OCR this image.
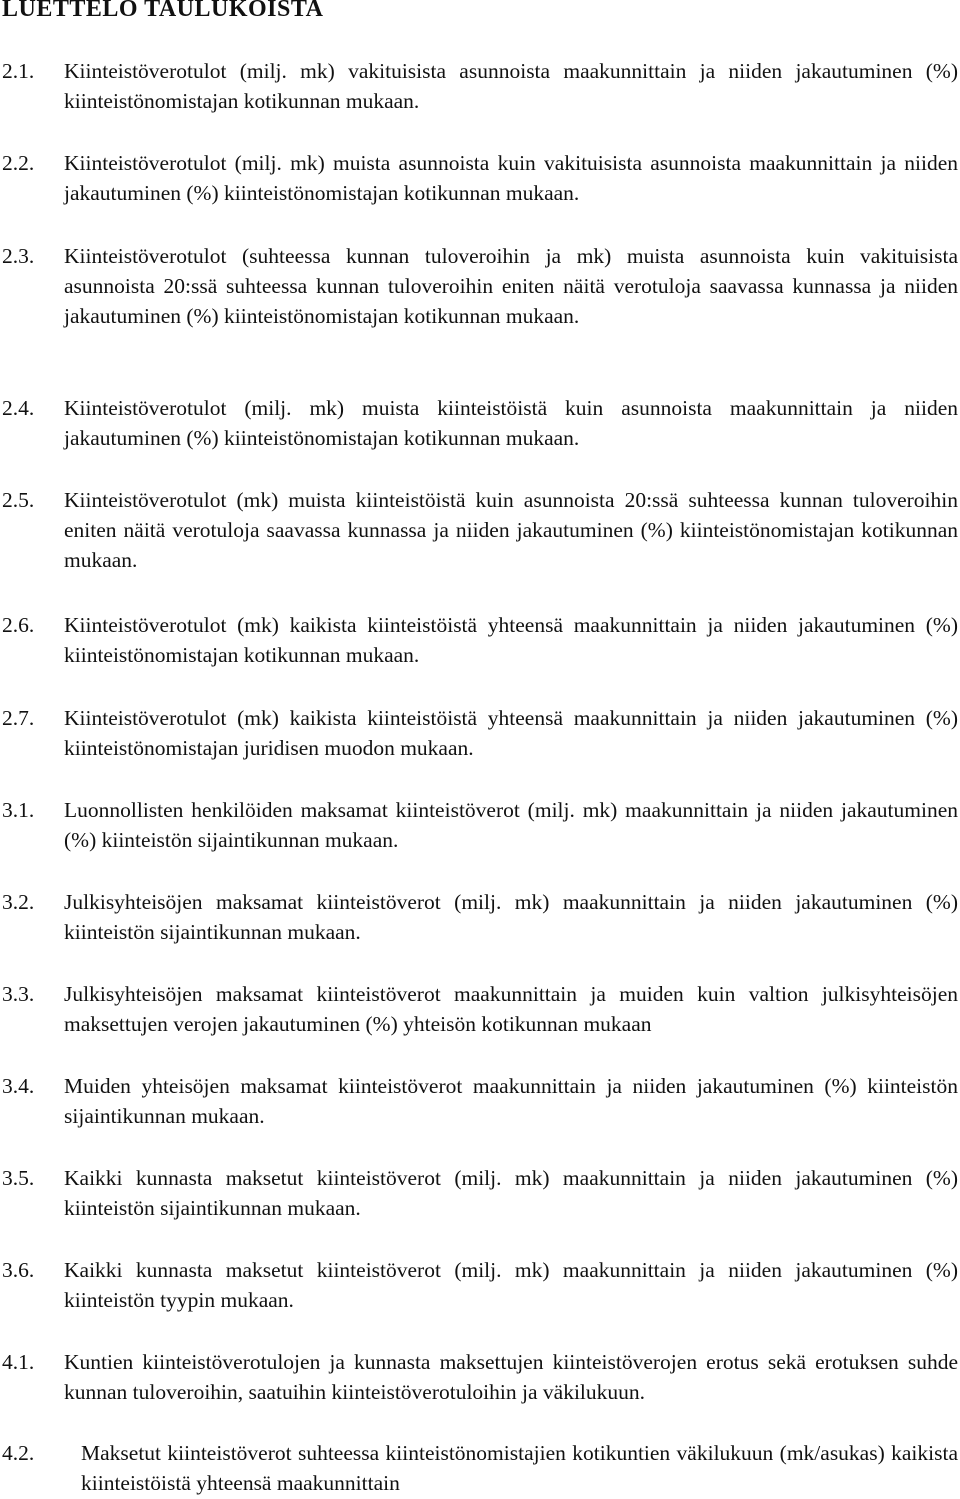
LUETTELO TAULUKOISTA
2.1. Kiinteistöverotulot (milj. mk) vakituisista asunnoista maakunnittain ja niiden jakautuminen (%) kiinteistönomistajan kotikunnan mukaan.
2.2. Kiinteistöverotulot (milj. mk) muista asunnoista kuin vakituisista asunnoista maakunnittain ja niiden jakautuminen (%) kiinteistönomistajan kotikunnan mukaan.
2.3. Kiinteistöverotulot (suhteessa kunnan tuloveroihin ja mk) muista asunnoista kuin vakituisista asunnoista 20:ssä suhteessa kunnan tuloveroihin eniten näitä verotuloja saavassa kunnassa ja niiden jakautuminen (%) kiinteistönomistajan kotikunnan mukaan.
2.4. Kiinteistöverotulot (milj. mk) muista kiinteistöistä kuin asunnoista maakunnittain ja niiden jakautuminen (%) kiinteistönomistajan kotikunnan mukaan.
2.5. Kiinteistöverotulot (mk) muista kiinteistöistä kuin asunnoista 20:ssä suhteessa kunnan tuloveroihin eniten näitä verotuloja saavassa kunnassa ja niiden jakautuminen (%) kiinteistönomistajan kotikunnan mukaan.
2.6. Kiinteistöverotulot (mk) kaikista kiinteistöistä yhteensä maakunnittain ja niiden jakautuminen (%) kiinteistönomistajan kotikunnan mukaan.
2.7. Kiinteistöverotulot (mk) kaikista kiinteistöistä yhteensä maakunnittain ja niiden jakautuminen (%) kiinteistönomistajan juridisen muodon mukaan.
3.1. Luonnollisten henkilöiden maksamat kiinteistöverot (milj. mk) maakunnittain ja niiden jakautuminen (%) kiinteistön sijaintikunnan mukaan.
3.2. Julkisyhteisöjen maksamat kiinteistöverot (milj. mk) maakunnittain ja niiden jakautuminen (%) kiinteistön sijaintikunnan mukaan.
3.3. Julkisyhteisöjen maksamat kiinteistöverot maakunnittain ja muiden kuin valtion julkisyhteisöjen maksettujen verojen jakautuminen (%) yhteisön kotikunnan mukaan
3.4. Muiden yhteisöjen maksamat kiinteistöverot maakunnittain ja niiden jakautuminen (%) kiinteistön sijaintikunnan mukaan.
3.5. Kaikki kunnasta maksetut kiinteistöverot (milj. mk) maakunnittain ja niiden jakautuminen (%) kiinteistön sijaintikunnan mukaan.
3.6. Kaikki kunnasta maksetut kiinteistöverot (milj. mk) maakunnittain ja niiden jakautuminen (%) kiinteistön tyypin mukaan.
4.1. Kuntien kiinteistöverotulojen ja kunnasta maksettujen kiinteistöverojen erotus sekä erotuksen suhde kunnan tuloveroihin, saatuihin kiinteistöverotuloihin ja väkilukuun.
4.2. Maksetut kiinteistöverot suhteessa kiinteistönomistajien kotikuntien väkilukuun (mk/asukas) kaikista kiinteistöistä yhteensä maakunnittain
